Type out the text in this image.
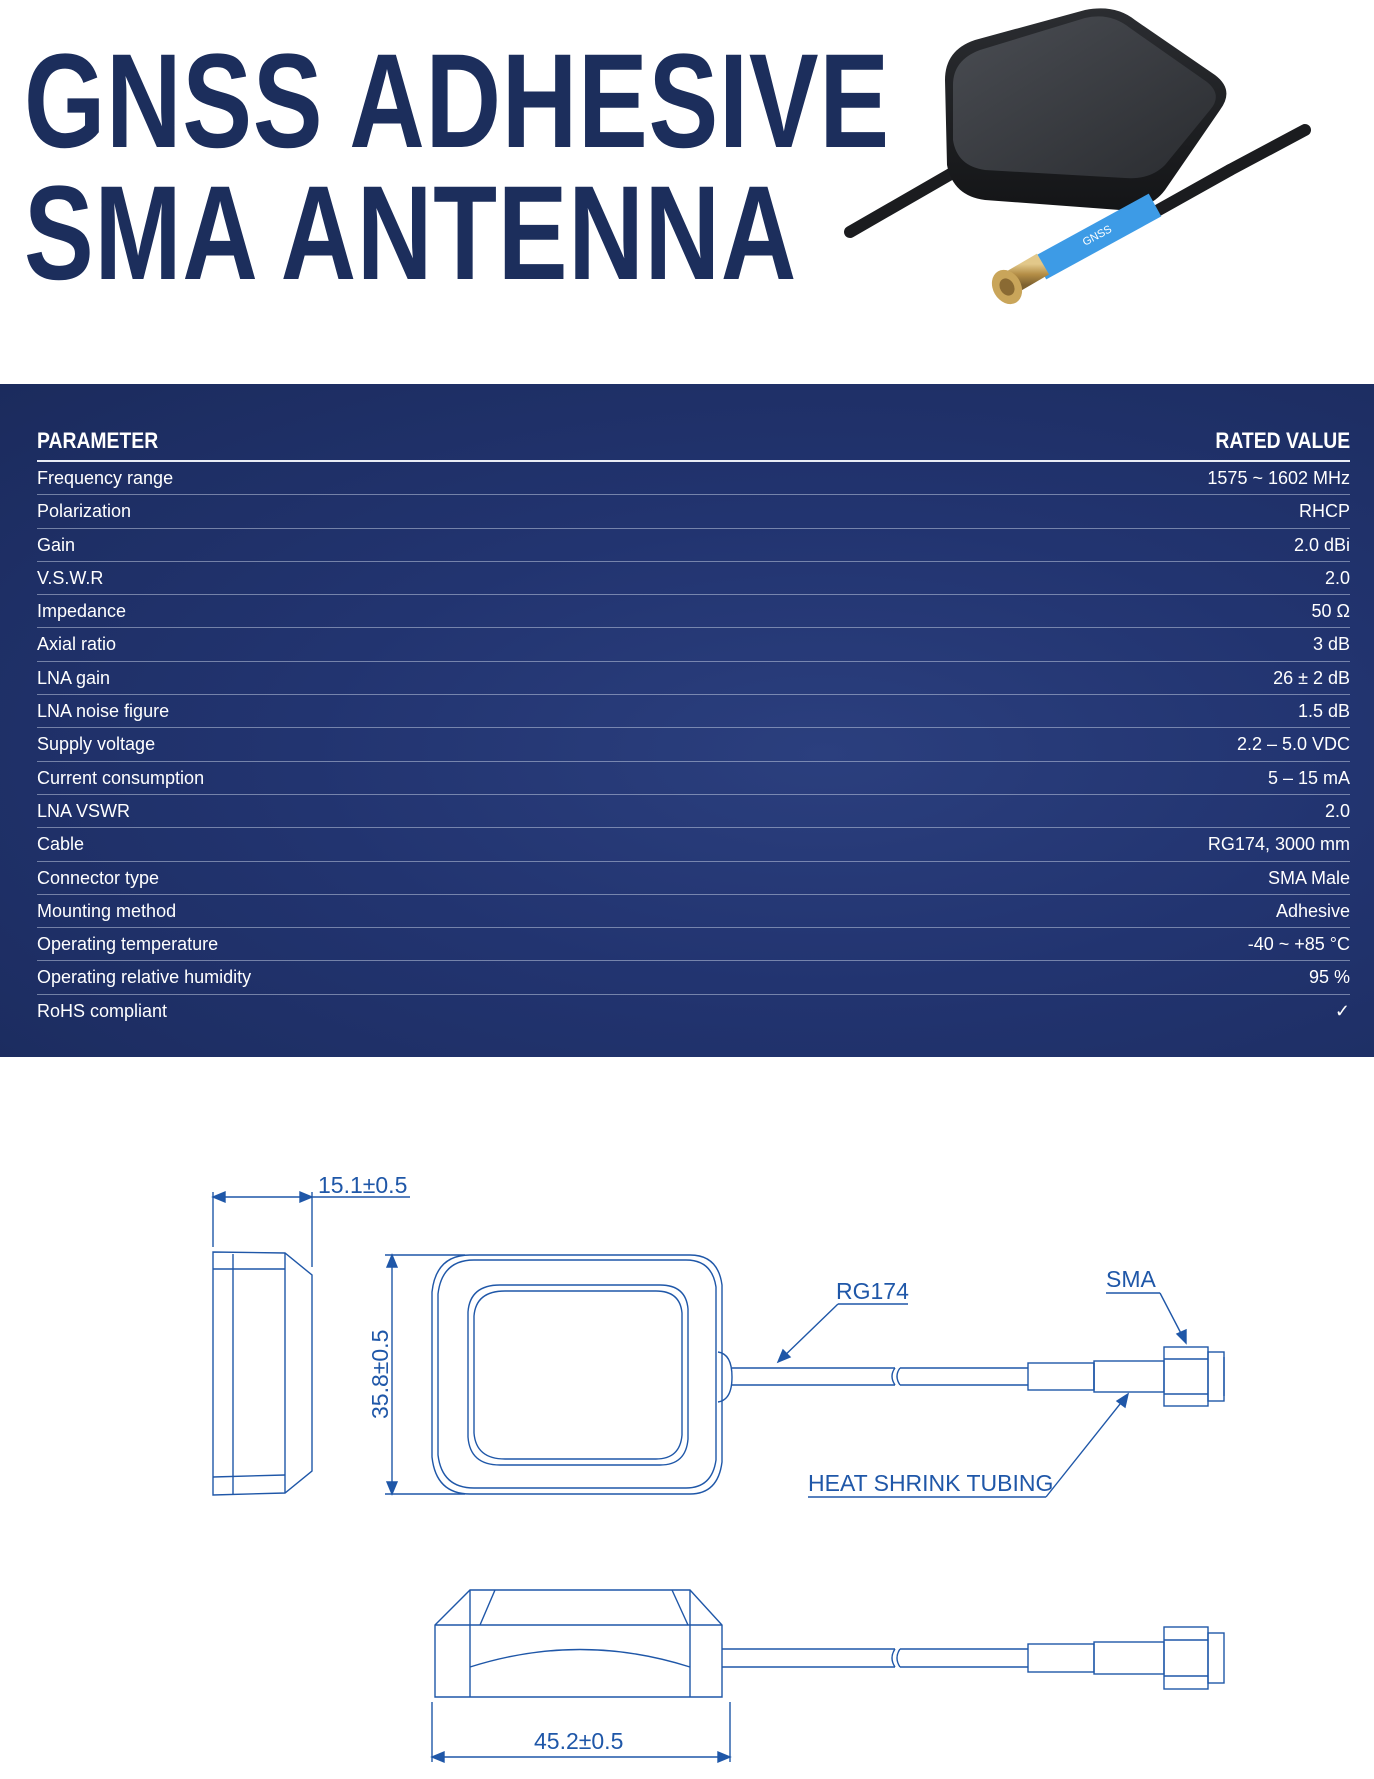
GNSS ADHESIVE
SMA ANTENNA	GNSS
PARAMETER	RATED VALUE
Frequency range	1575 ~ 1602 MHz
Polarization	RHCP
Gain	2.0 dBi
V.S.W.R	2.0
Impedance	50 Ω
Axial ratio	3 dB
LNA gain	26 ± 2 dB
LNA noise figure	1.5 dB
Supply voltage	2.2 – 5.0 VDC
Current consumption	5 – 15 mA
LNA VSWR	2.0
Cable	RG174, 3000 mm
Connector type	SMA Male
Mounting method	Adhesive
Operating temperature	-40 ~ +85 °C
Operating relative humidity	95 %
RoHS compliant	✓
15.1±0.5
35.8±0.5
RG174	SMA
HEAT SHRINK TUBING
45.2±0.5
